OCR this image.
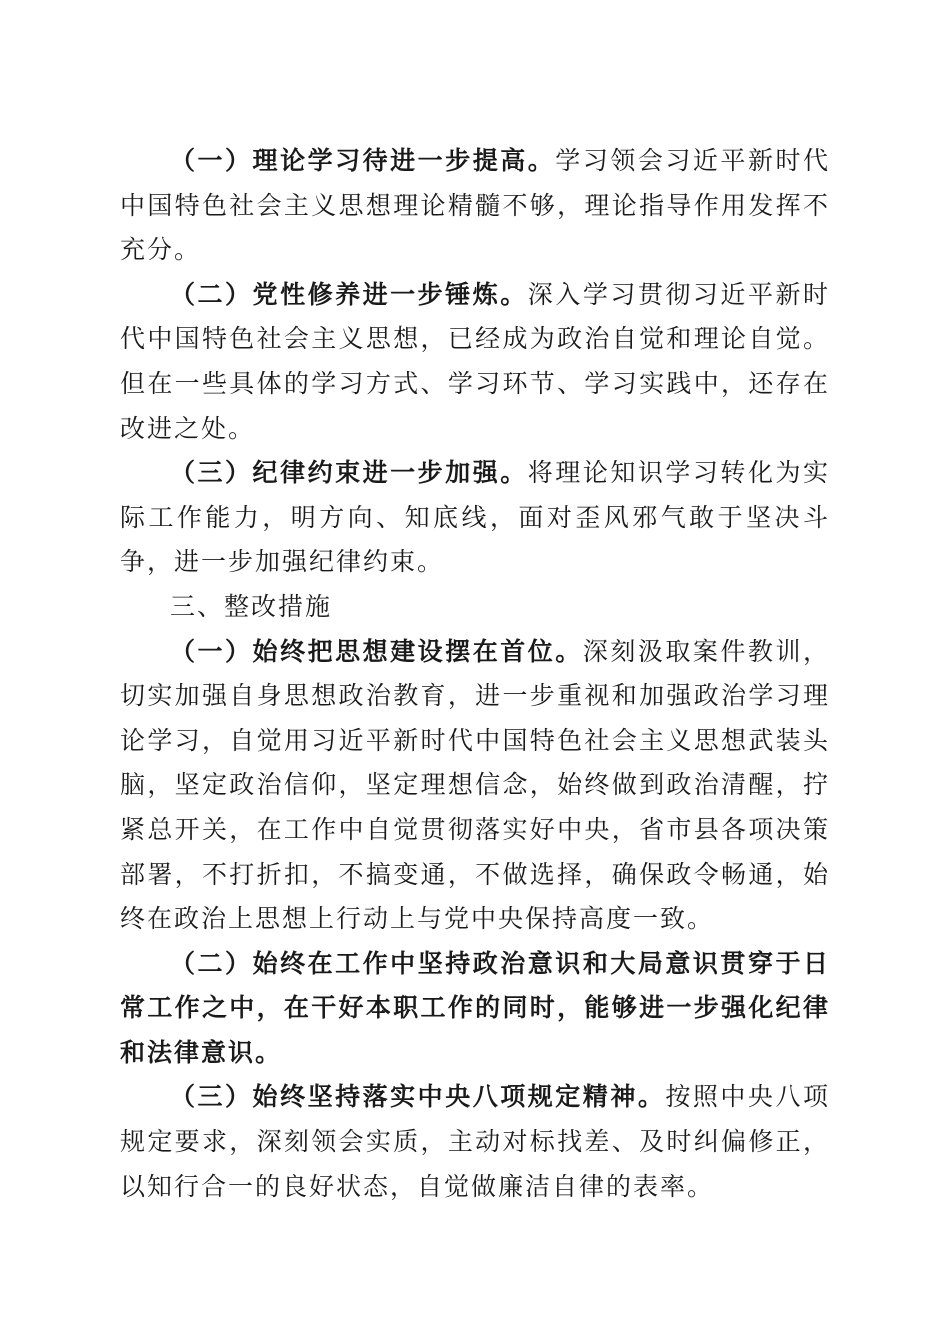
（一）理论学习待进一步提高。学习领会习近平新时代中国特色社会主义思想理论精髓不够，理论指导作用发挥不充分。

（二）党性修养进一步锤炼。深入学习贯彻习近平新时代中国特色社会主义思想，已经成为政治自觉和理论自觉。但在一些具体的学习方式、学习环节、学习实践中，还存在改进之处。

（三）纪律约束进一步加强。将理论知识学习转化为实际工作能力，明方向、知底线，面对歪风邪气敢于坚决斗争，进一步加强纪律约束。

三、整改措施

（一）始终把思想建设摆在首位。深刻汲取案件教训，切实加强自身思想政治教育，进一步重视和加强政治学习理论学习，自觉用习近平新时代中国特色社会主义思想武装头脑，坚定政治信仰，坚定理想信念，始终做到政治清醒，拧紧总开关，在工作中自觉贯彻落实好中央，省市县各项决策部署，不打折扣，不搞变通，不做选择，确保政令畅通，始终在政治上思想上行动上与党中央保持高度一致。

（二）始终在工作中坚持政治意识和大局意识贯穿于日常工作之中，在干好本职工作的同时，能够进一步强化纪律和法律意识。

（三）始终坚持落实中央八项规定精神。按照中央八项规定要求，深刻领会实质，主动对标找差、及时纠偏修正，以知行合一的良好状态，自觉做廉洁自律的表率。
